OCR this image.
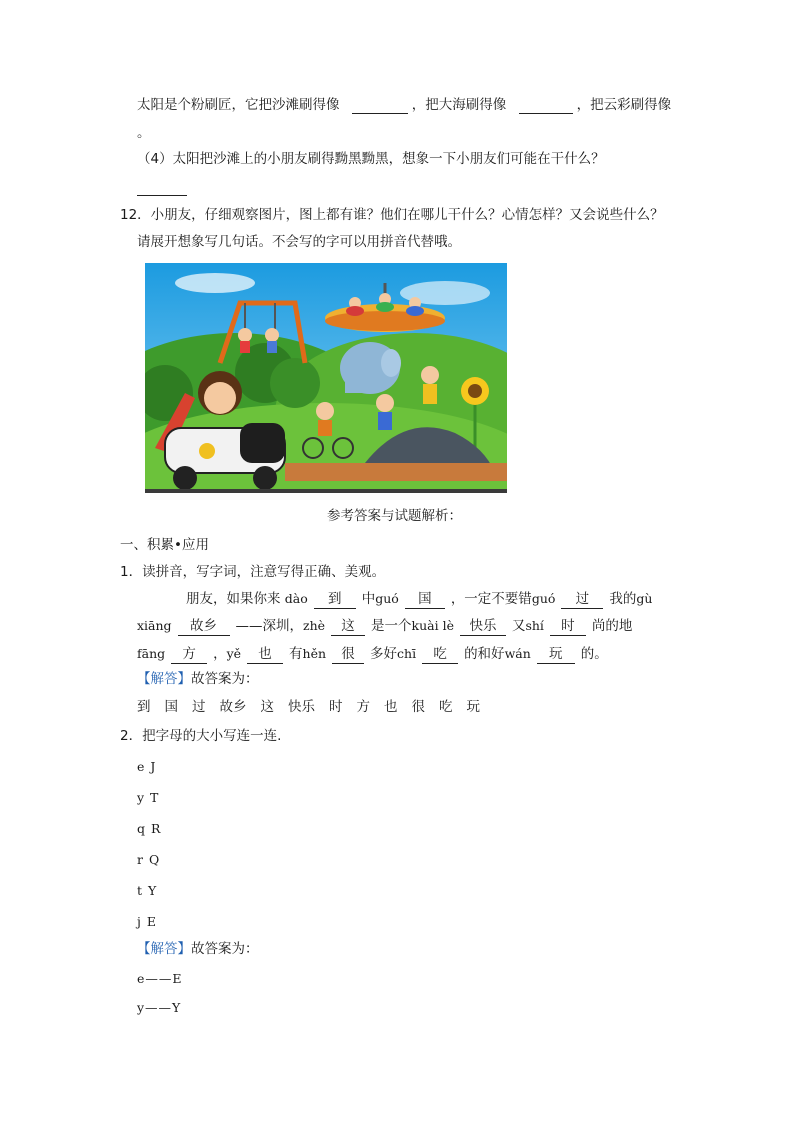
太阳是个粉刷匠，它把沙滩刷得像	，把大海刷得像	，把云彩刷得像
。
（4）太阳把沙滩上的小朋友刷得黝黑黝黑，想象一下小朋友们可能在干什么？
12．小朋友，仔细观察图片，图上都有谁？他们在哪儿干什么？心情怎样？又会说些什么？
请展开想象写几句话。不会写的字可以用拼音代替哦。
参考答案与试题解析：
一、积累•应用
1．读拼音，写字词，注意写得正确、美观。
朋友，如果你来 dào 到 中guó 国 ，一定不要错guó 过 我的gù
xiāng 故乡 ——深圳，zhè 这 是一个kuài lè 快乐 又shí 时 尚的地
fāng 方 ，yě 也 有hěn 很 多好chī 吃 的和好wán 玩 的。
【解答】故答案为：
到 国 过 故乡 这 快乐 时 方 也 很 吃 玩
2．把字母的大小写连一连.
e J
y T
q R
r Q
t Y
j E
【解答】故答案为：
e——E
y——Y
